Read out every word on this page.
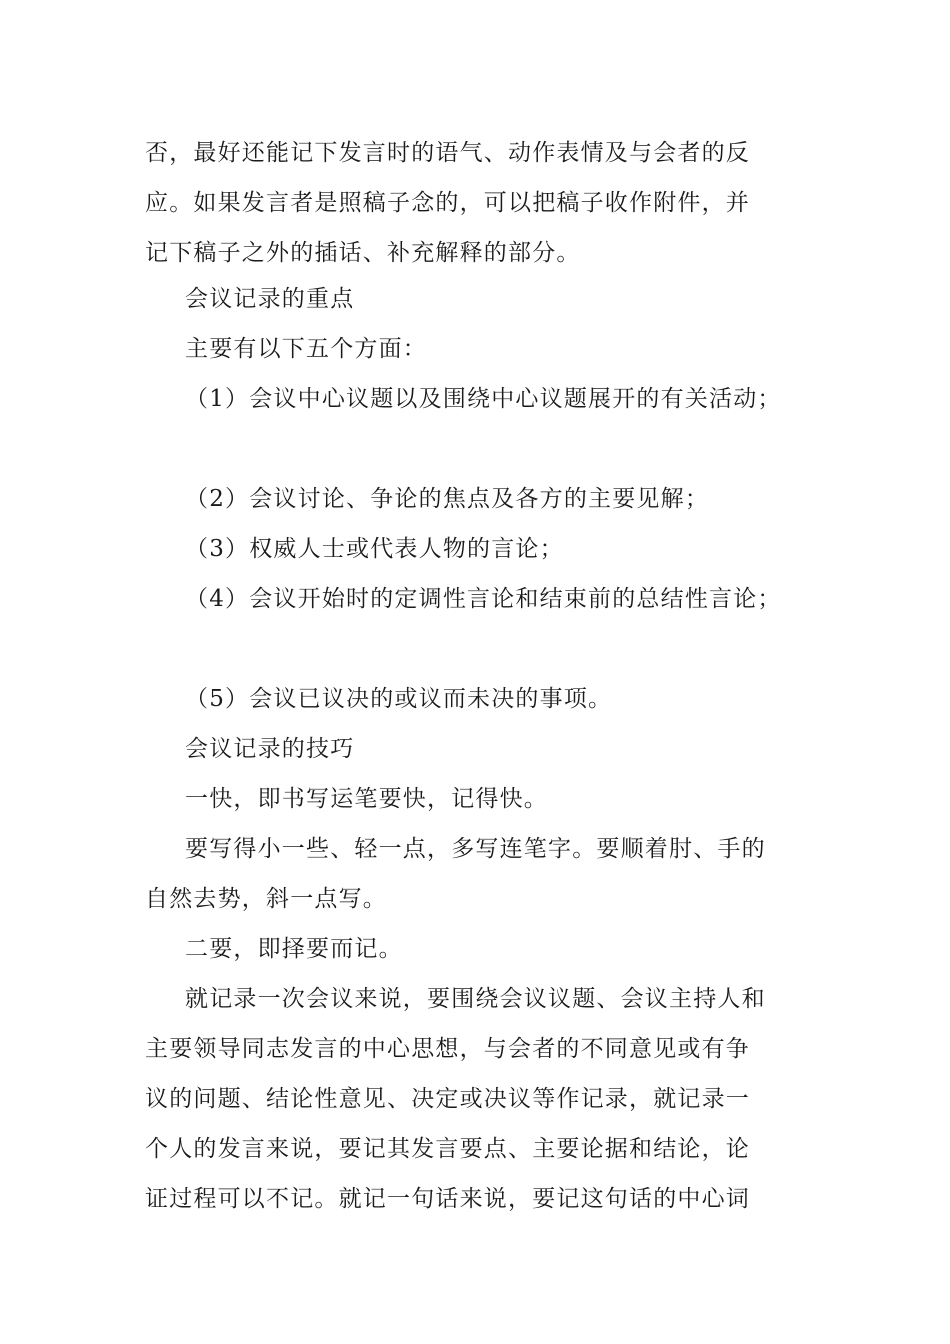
否，最好还能记下发言时的语气、动作表情及与会者的反
应。如果发言者是照稿子念的，可以把稿子收作附件，并
记下稿子之外的插话、补充解释的部分。
会议记录的重点
主要有以下五个方面：
（1）会议中心议题以及围绕中心议题展开的有关活动；
（2）会议讨论、争论的焦点及各方的主要见解；
（3）权威人士或代表人物的言论；
（4）会议开始时的定调性言论和结束前的总结性言论；
（5）会议已议决的或议而未决的事项。
会议记录的技巧
一快，即书写运笔要快，记得快。
要写得小一些、轻一点，多写连笔字。要顺着肘、手的
自然去势，斜一点写。
二要，即择要而记。
就记录一次会议来说，要围绕会议议题、会议主持人和
主要领导同志发言的中心思想，与会者的不同意见或有争
议的问题、结论性意见、决定或决议等作记录，就记录一
个人的发言来说，要记其发言要点、主要论据和结论，论
证过程可以不记。就记一句话来说，要记这句话的中心词
